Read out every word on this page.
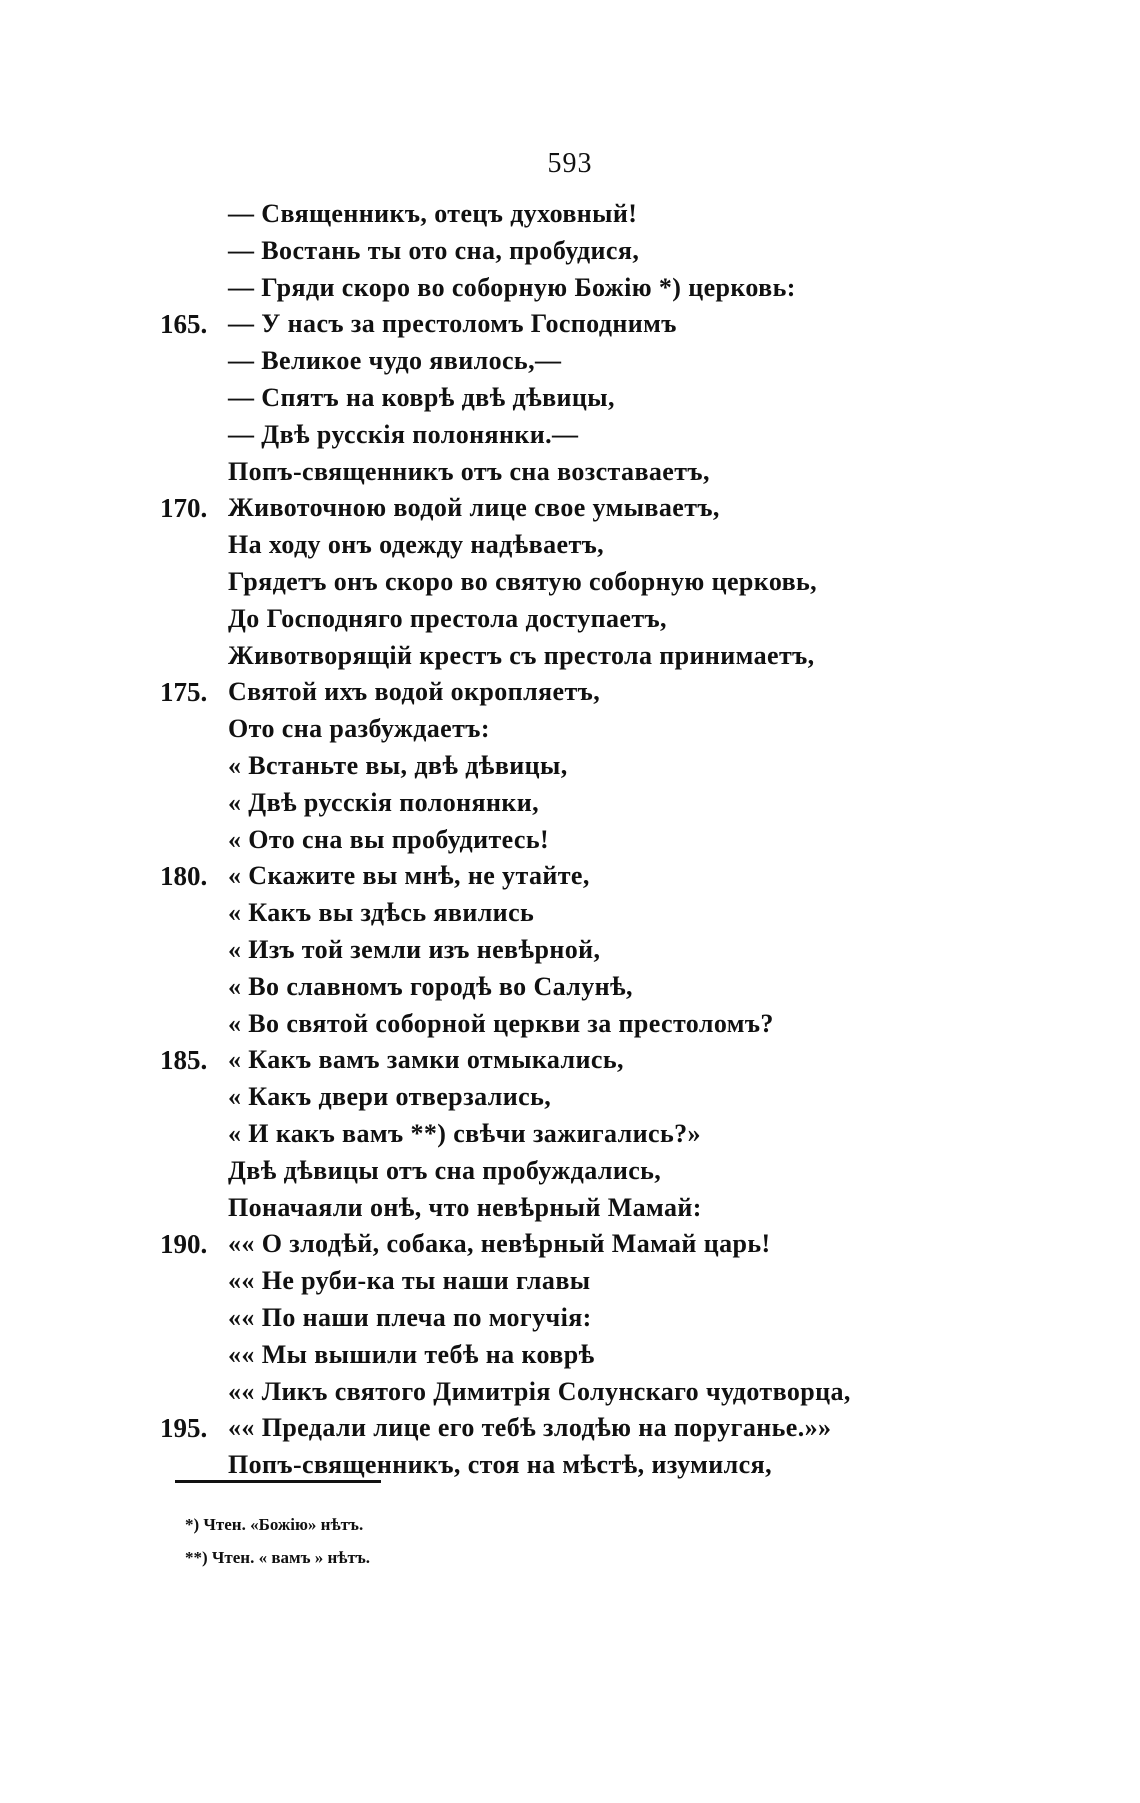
593
— Священникъ, отецъ духовный!
— Востань ты ото сна, пробудися,
— Гряди скоро во соборную Божію *) церковь:
165. — У насъ за престоломъ Господнимъ
— Великое чудо явилось,—
— Спятъ на коврѣ двѣ дѣвицы,
— Двѣ русскія полонянки.—
Попъ-священникъ отъ сна возставаетъ,
170. Животочною водой лице свое умываетъ,
На ходу онъ одежду надѣваетъ,
Грядетъ онъ скоро во святую соборную церковь,
До Господняго престола доступаетъ,
Животворящій крестъ съ престола принимаетъ,
175. Святой ихъ водой окропляетъ,
Ото сна разбуждаетъ:
« Встаньте вы, двѣ дѣвицы,
« Двѣ русскія полонянки,
« Ото сна вы пробудитесь!
180. « Скажите вы мнѣ, не утайте,
« Какъ вы здѣсь явились
« Изъ той земли изъ невѣрной,
« Во славномъ городѣ во Салунѣ,
« Во святой соборной церкви за престоломъ?
185. « Какъ вамъ замки отмыкались,
« Какъ двери отверзались,
« И какъ вамъ **) свѣчи зажигались?»
Двѣ дѣвицы отъ сна пробуждались,
Поначаяли онѣ, что невѣрный Мамай:
190. «« О злодѣй, собака, невѣрный Мамай царь!
«« Не руби-ка ты наши главы
«« По наши плеча по могучія:
«« Мы вышили тебѣ на коврѣ
«« Ликъ святого Димитрія Солунскаго чудотворца,
195. «« Предали лице его тебѣ злодѣю на поруганье.»»
Попъ-священникъ, стоя на мѣстѣ, изумился,
*) Чтен. «Божію» нѣтъ.
**) Чтен. « вамъ » нѣтъ.
